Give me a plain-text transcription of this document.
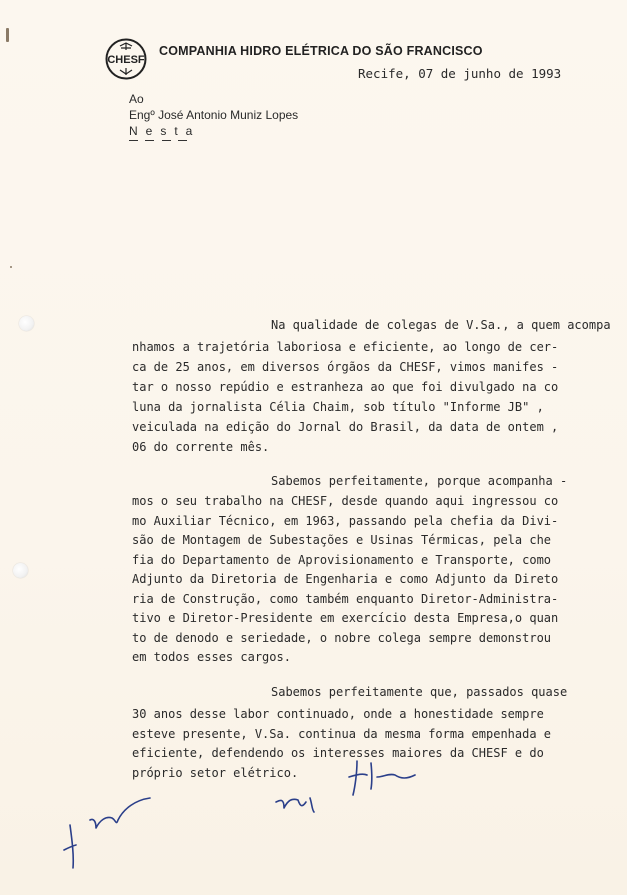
CHESF
COMPANHIA HIDRO ELÉTRICA DO SÃO FRANCISCO
Recife, 07 de junho de 1993
Ao
Engº José Antonio Muniz Lopes
Nesta
Na qualidade de colegas de V.Sa., a quem acompa
nhamos a trajetória laboriosa e eficiente, ao longo de cer-
ca de 25 anos, em diversos órgãos da CHESF, vimos manifes -
tar o nosso repúdio e estranheza ao que foi divulgado na co
luna da jornalista Célia Chaim, sob título "Informe JB" ,
veiculada na edição do Jornal do Brasil, da data de ontem ,
06 do corrente mês.
Sabemos perfeitamente, porque acompanha -
mos o seu trabalho na CHESF, desde quando aqui ingressou co
mo Auxiliar Técnico, em 1963, passando pela chefia da Divi-
são de Montagem de Subestações e Usinas Térmicas, pela che
fia do Departamento de Aprovisionamento e Transporte, como
Adjunto da Diretoria de Engenharia e como Adjunto da Direto
ria de Construção, como também enquanto Diretor-Administra-
tivo e Diretor-Presidente em exercício desta Empresa,o quan
to de denodo e seriedade, o nobre colega sempre demonstrou
em todos esses cargos.
Sabemos perfeitamente que, passados quase
30 anos desse labor continuado, onde a honestidade sempre
esteve presente, V.Sa. continua da mesma forma empenhada e
eficiente, defendendo os interesses maiores da CHESF e do
próprio setor elétrico.
